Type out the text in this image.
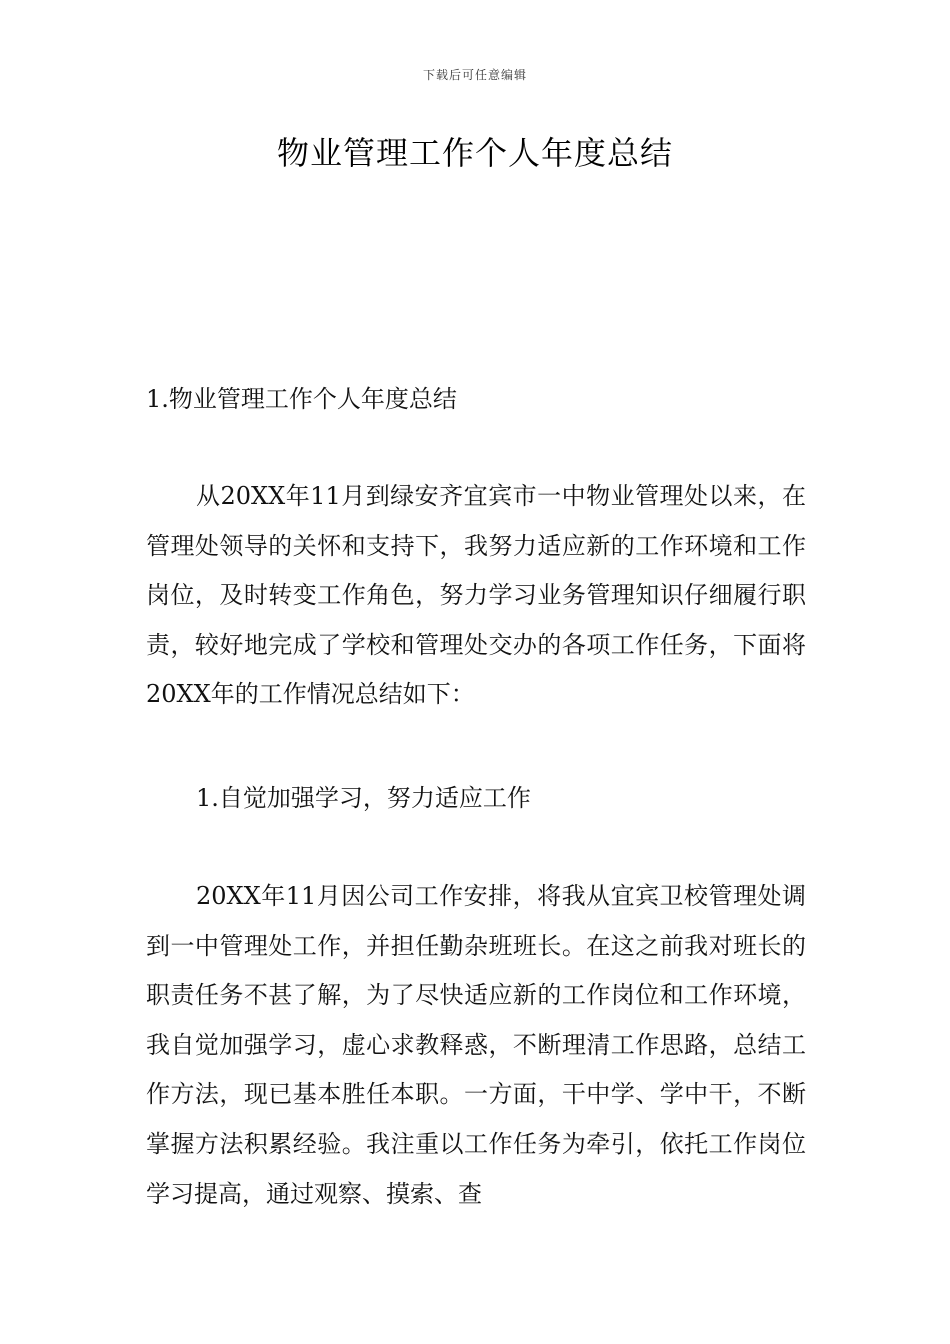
下载后可任意编辑
物业管理工作个人年度总结
1.物业管理工作个人年度总结

从20XX年11月到绿安齐宜宾市一中物业管理处以来，在管理处领导的关怀和支持下，我努力适应新的工作环境和工作岗位，及时转变工作角色，努力学习业务管理知识仔细履行职责，较好地完成了学校和管理处交办的各项工作任务，下面将20XX年的工作情况总结如下：

1.自觉加强学习，努力适应工作

20XX年11月因公司工作安排，将我从宜宾卫校管理处调到一中管理处工作，并担任勤杂班班长。在这之前我对班长的职责任务不甚了解，为了尽快适应新的工作岗位和工作环境，我自觉加强学习，虚心求教释惑，不断理清工作思路，总结工作方法，现已基本胜任本职。一方面，干中学、学中干，不断掌握方法积累经验。我注重以工作任务为牵引，依托工作岗位学习提高，通过观察、摸索、查
